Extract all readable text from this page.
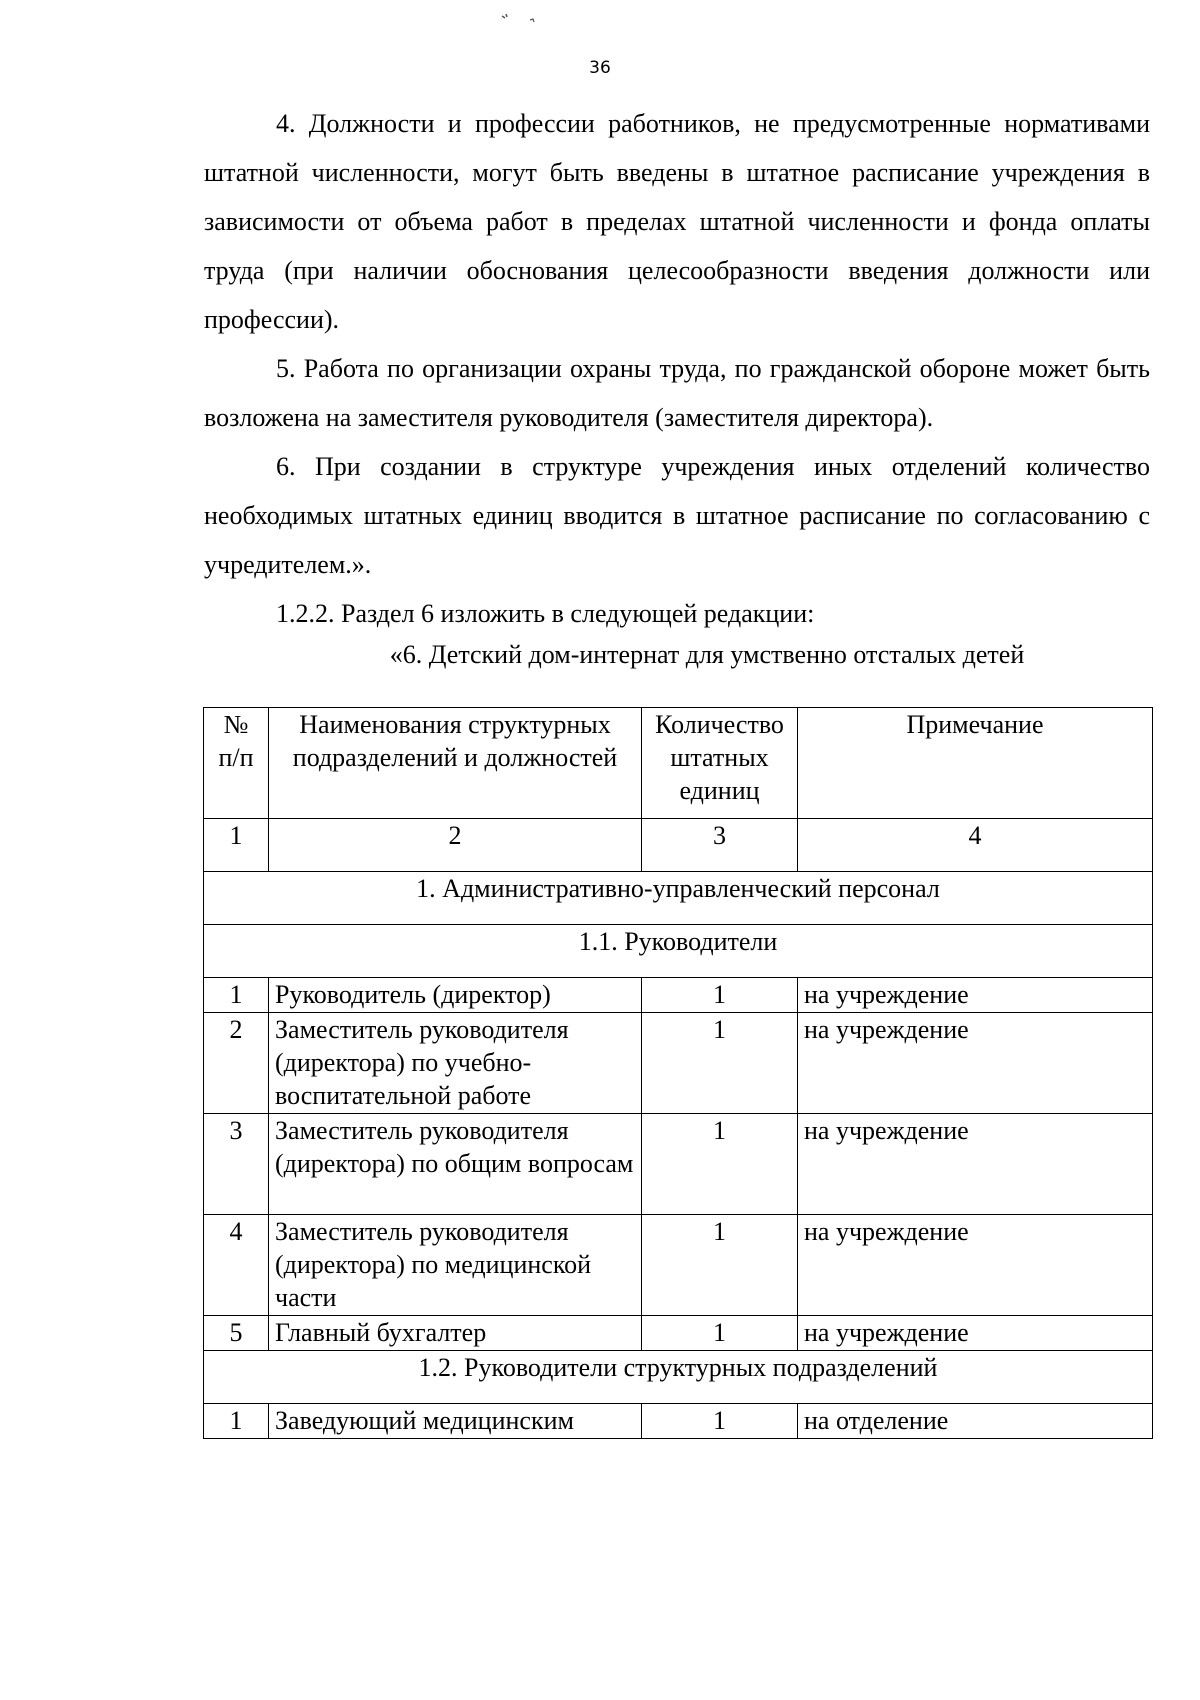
36

4. Должности и профессии работников, не предусмотренные нормативами штатной численности, могут быть введены в штатное расписание учреждения в зависимости от объема работ в пределах штатной численности и фонда оплаты труда (при наличии обоснования целесообразности введения должности или профессии).

5. Работа по организации охраны труда, по гражданской обороне может быть возложена на заместителя руководителя (заместителя директора).

6. При создании в структуре учреждения иных отделений количество необходимых штатных единиц вводится в штатное расписание по согласованию с учредителем.».

1.2.2. Раздел 6 изложить в следующей редакции:

«6. Детский дом-интернат для умственно отсталых детей
№ п/п	Наименования структурных подразделений и должностей	Количество штатных единиц	Примечание
1	2	3	4
1. Административно-управленческий персонал			
1.1. Руководители			
1	Руководитель (директор)	1	на учреждение
2	Заместитель руководителя (директора) по учебно-воспитательной работе	1	на учреждение
3	Заместитель руководителя (директора) по общим вопросам	1	на учреждение
4	Заместитель руководителя (директора) по медицинской части	1	на учреждение
5	Главный бухгалтер	1	на учреждение
1.2. Руководители структурных подразделений			
1	Заведующий медицинским	1	на отделение
